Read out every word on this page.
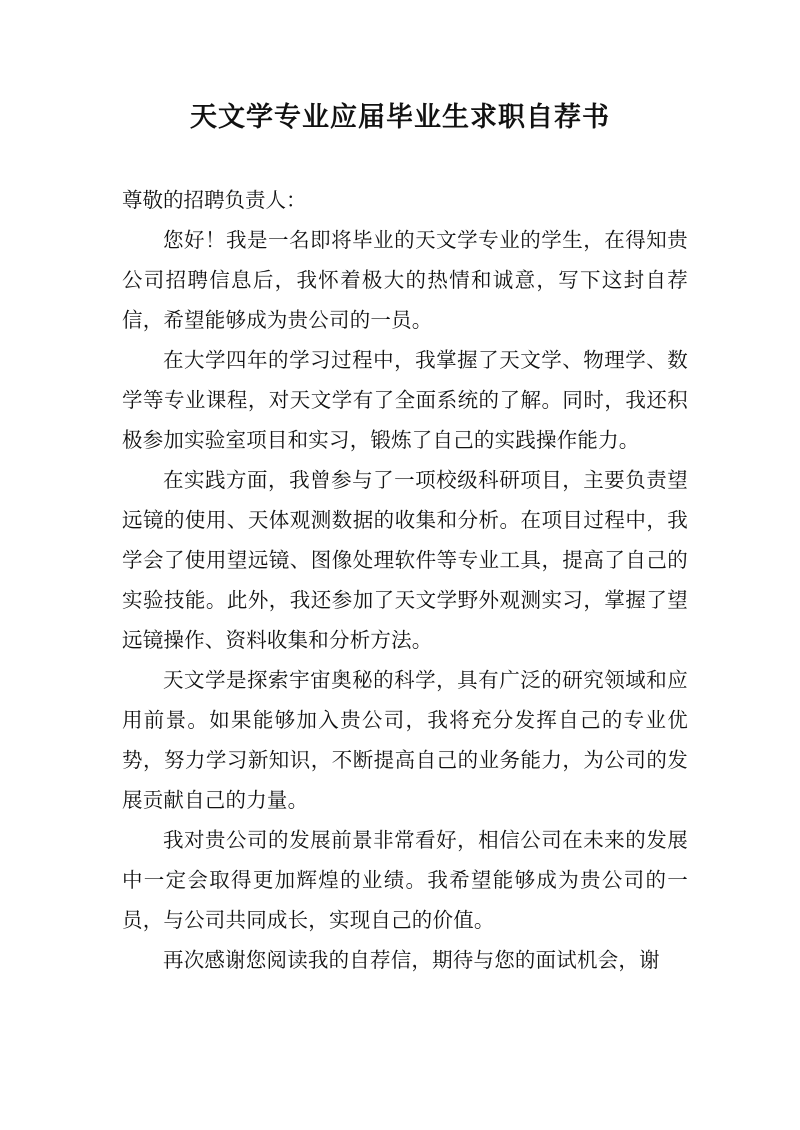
天文学专业应届毕业生求职自荐书

尊敬的招聘负责人：

您好！我是一名即将毕业的天文学专业的学生，在得知贵公司招聘信息后，我怀着极大的热情和诚意，写下这封自荐信，希望能够成为贵公司的一员。

在大学四年的学习过程中，我掌握了天文学、物理学、数学等专业课程，对天文学有了全面系统的了解。同时，我还积极参加实验室项目和实习，锻炼了自己的实践操作能力。

在实践方面，我曾参与了一项校级科研项目，主要负责望远镜的使用、天体观测数据的收集和分析。在项目过程中，我学会了使用望远镜、图像处理软件等专业工具，提高了自己的实验技能。此外，我还参加了天文学野外观测实习，掌握了望远镜操作、资料收集和分析方法。

天文学是探索宇宙奥秘的科学，具有广泛的研究领域和应用前景。如果能够加入贵公司，我将充分发挥自己的专业优势，努力学习新知识，不断提高自己的业务能力，为公司的发展贡献自己的力量。

我对贵公司的发展前景非常看好，相信公司在未来的发展中一定会取得更加辉煌的业绩。我希望能够成为贵公司的一员，与公司共同成长，实现自己的价值。

再次感谢您阅读我的自荐信，期待与您的面试机会，谢
